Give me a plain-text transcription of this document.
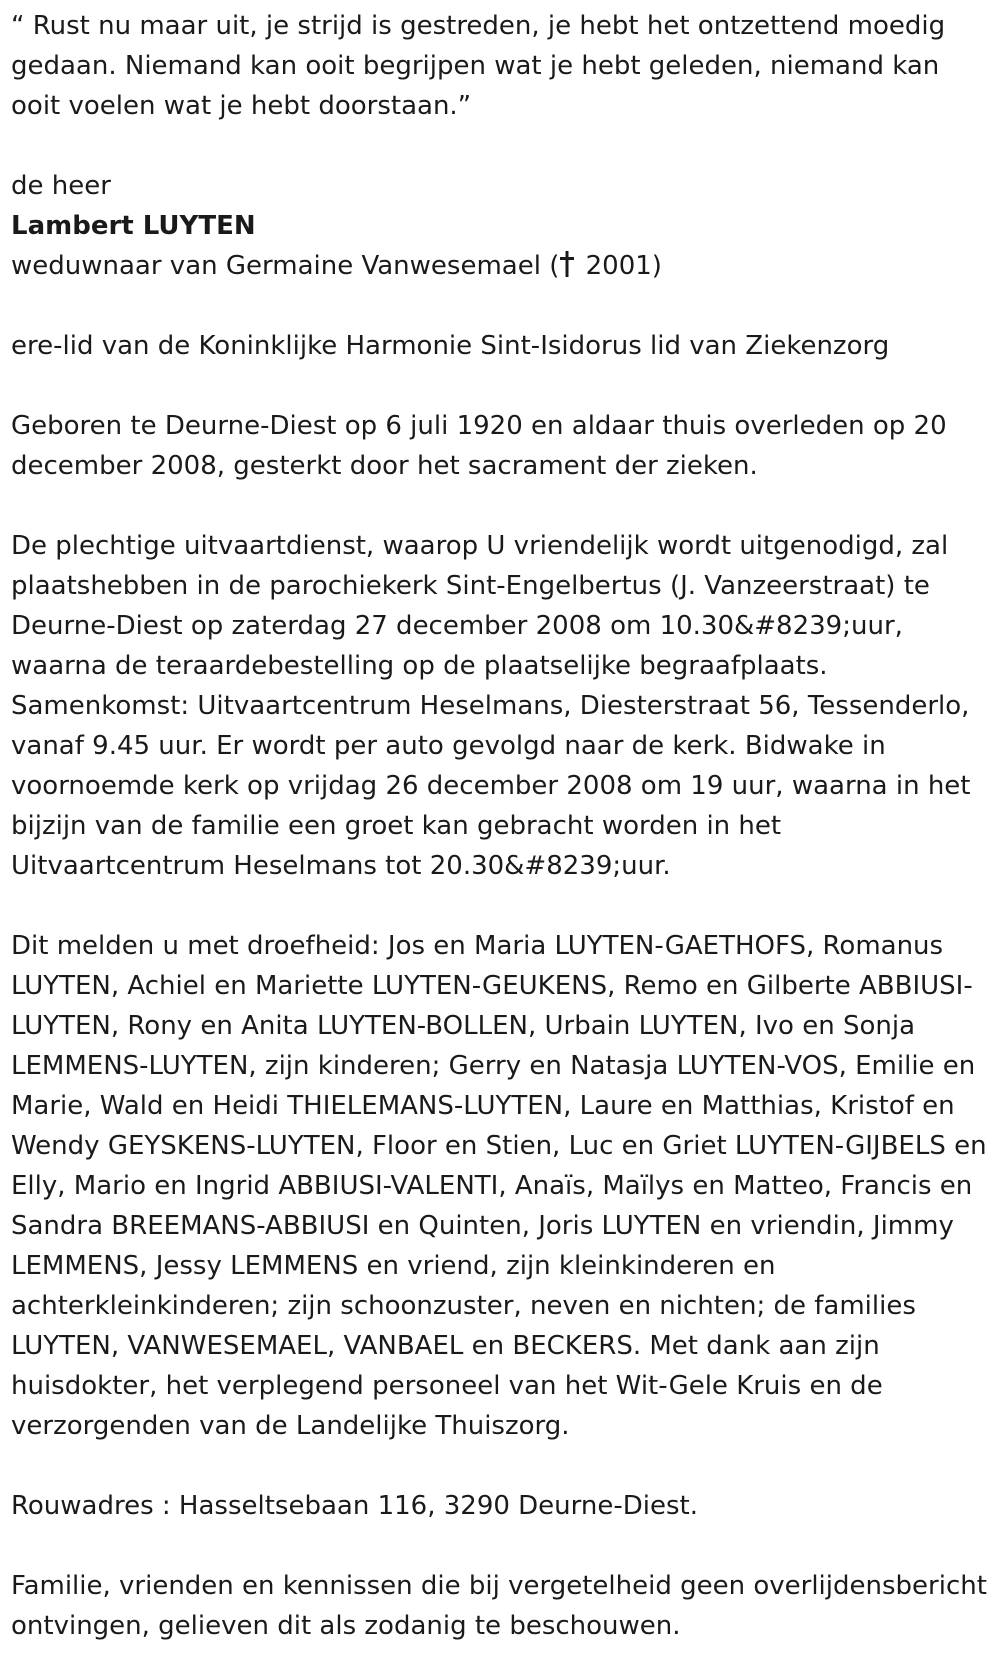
“ Rust nu maar uit, je strijd is gestreden, je hebt het ontzettend moedig gedaan. Niemand kan ooit begrijpen wat je hebt geleden, niemand kan ooit voelen wat je hebt doorstaan.”

de heer

Lambert LUYTEN

weduwnaar van Germaine Vanwesemael ( 2001)

ere-lid van de Koninklijke Harmonie Sint-Isidorus lid van Ziekenzorg

Geboren te Deurne-Diest op 6 juli 1920 en aldaar thuis overleden op 20 december 2008, gesterkt door het sacrament der zieken.

De plechtige uitvaartdienst, waarop U vriendelijk wordt uitgenodigd, zal plaatshebben in de parochiekerk Sint-Engelbertus (J. Vanzeerstraat) te Deurne-Diest op zaterdag 27 december 2008 om 10.30&#8239;uur, waarna de teraardebestelling op de plaatselijke begraafplaats. Samenkomst: Uitvaartcentrum Heselmans, Diesterstraat 56, Tessenderlo, vanaf 9.45 uur. Er wordt per auto gevolgd naar de kerk. Bidwake in voornoemde kerk op vrijdag 26 december 2008 om 19 uur, waarna in het bijzijn van de familie een groet kan gebracht worden in het Uitvaartcentrum Heselmans tot 20.30&#8239;uur.

Dit melden u met droefheid: Jos en Maria LUYTEN-GAETHOFS, Romanus LUYTEN, Achiel en Mariette LUYTEN-GEUKENS, Remo en Gilberte ABBIUSI-LUYTEN, Rony en Anita LUYTEN-BOLLEN, Urbain LUYTEN, Ivo en Sonja LEMMENS-LUYTEN, zijn kinderen; Gerry en Natasja LUYTEN-VOS, Emilie en Marie, Wald en Heidi THIELEMANS-LUYTEN, Laure en Matthias, Kristof en Wendy GEYSKENS-LUYTEN, Floor en Stien, Luc en Griet LUYTEN-GIJBELS en Elly, Mario en Ingrid ABBIUSI-VALENTI, Anaïs, Maïlys en Matteo, Francis en Sandra BREEMANS-ABBIUSI en Quinten, Joris LUYTEN en vriendin, Jimmy LEMMENS, Jessy LEMMENS en vriend, zijn kleinkinderen en achterkleinkinderen; zijn schoonzuster, neven en nichten; de families LUYTEN, VANWESEMAEL, VANBAEL en BECKERS. Met dank aan zijn huisdokter, het verplegend personeel van het Wit-Gele Kruis en de verzorgenden van de Landelijke Thuiszorg.

Rouwadres : Hasseltsebaan 116, 3290 Deurne-Diest.

Familie, vrienden en kennissen die bij vergetelheid geen overlijdensbericht ontvingen, gelieven dit als zodanig te beschouwen.
